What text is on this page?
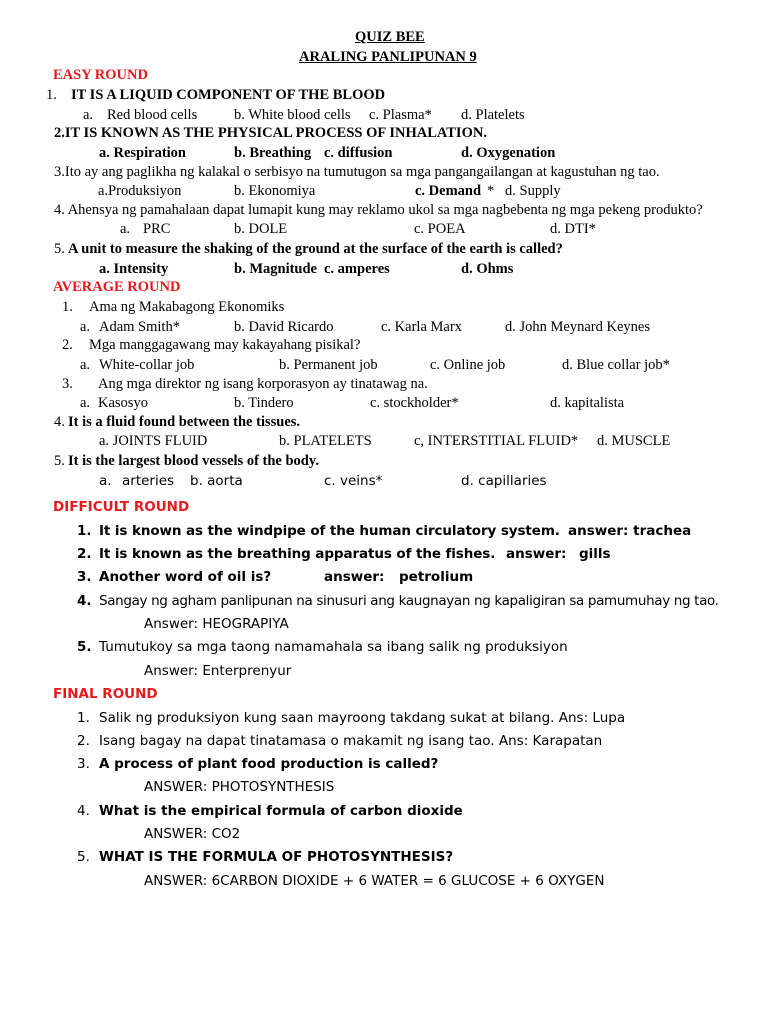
QUIZ BEE
ARALING PANLIPUNAN 9
EASY ROUND
1. IT IS A LIQUID COMPONENT OF THE BLOOD
a. Red blood cells	b. White blood cells c. Plasma* d. Platelets
2.IT IS KNOWN AS THE PHYSICAL PROCESS OF INHALATION.
a. Respiration	b. Breathing c. diffusion	d. Oxygenation
3.Ito ay ang paglikha ng kalakal o serbisyo na tumutugon sa mga pangangailangan at kagustuhan ng tao.
a.Produksiyon	b. Ekonomiya	c. Demand * d. Supply
4. Ahensya ng pamahalaan dapat lumapit kung may reklamo ukol sa mga nagbebenta ng mga pekeng produkto?
a. PRC	b. DOLE	c. POEA	d. DTI*
5. A unit to measure the shaking of the ground at the surface of the earth is called?
a. Intensity	b. Magnitude c. amperes	d. Ohms
AVERAGE ROUND
1. Ama ng Makabagong Ekonomiks
a. Adam Smith*	b. David Ricardo	c. Karla Marx	d. John Meynard Keynes
2. Mga manggagawang may kakayahang pisikal?
a. White-collar job	b. Permanent job	c. Online job	d. Blue collar job*
3. Ang mga direktor ng isang korporasyon ay tinatawag na.
a. Kasosyo	b. Tindero	c. stockholder*	d. kapitalista
4. It is a fluid found between the tissues.
a. JOINTS FLUID	b. PLATELETS	c, INTERSTITIAL FLUID* d. MUSCLE
5. It is the largest blood vessels of the body.
a. arteries b. aorta	c. veins*	d. capillaries
DIFFICULT ROUND
1. It is known as the windpipe of the human circulatory system. answer: trachea
2. It is known as the breathing apparatus of the fishes. answer: gills
3. Another word of oil is?	answer: petrolium
4. Sangay ng agham panlipunan na sinusuri ang kaugnayan ng kapaligiran sa pamumuhay ng tao.
Answer: HEOGRAPIYA
5. Tumutukoy sa mga taong namamahala sa ibang salik ng produksiyon
Answer: Enterprenyur
FINAL ROUND
1. Salik ng produksiyon kung saan mayroong takdang sukat at bilang. Ans: Lupa
2. Isang bagay na dapat tinatamasa o makamit ng isang tao. Ans: Karapatan
3. A process of plant food production is called?
ANSWER: PHOTOSYNTHESIS
4. What is the empirical formula of carbon dioxide
ANSWER: CO2
5. WHAT IS THE FORMULA OF PHOTOSYNTHESIS?
ANSWER: 6CARBON DIOXIDE + 6 WATER = 6 GLUCOSE + 6 OXYGEN
